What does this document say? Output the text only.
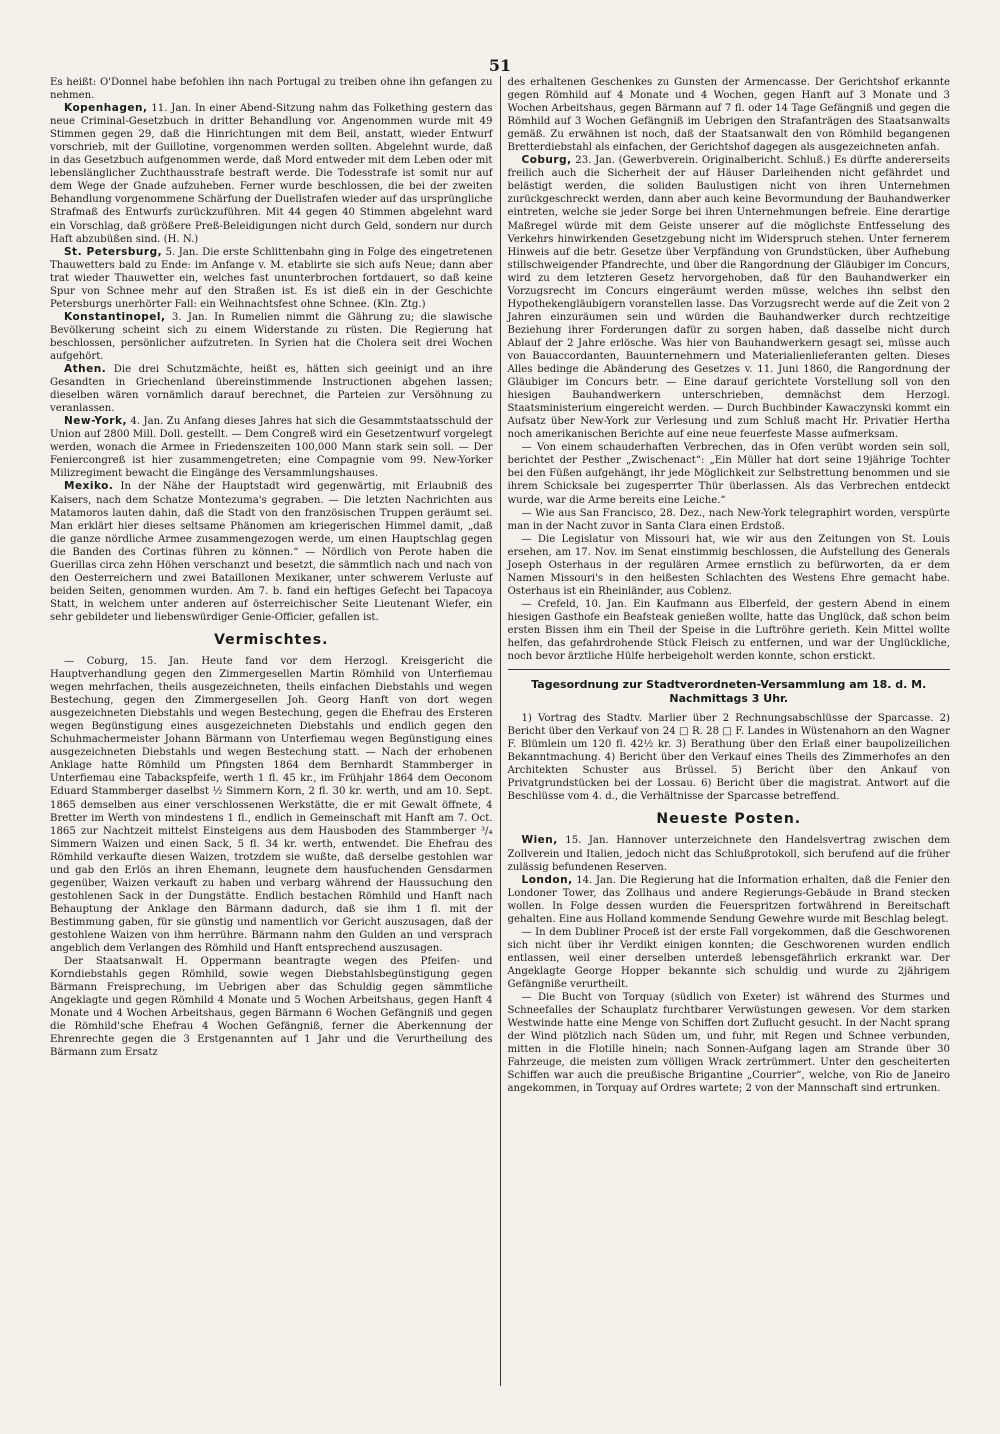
51

Es heißt: O'Donnel habe befohlen ihn nach Portugal zu treiben ohne ihn gefangen zu nehmen.

Kopenhagen, 11. Jan. In einer Abend-Sitzung nahm das Folkething gestern das neue Criminal-Gesetzbuch in dritter Behandlung vor. Angenommen wurde mit 49 Stimmen gegen 29, daß die Hinrichtungen mit dem Beil, anstatt, wieder Entwurf vorschrieb, mit der Guillotine, vorgenommen werden sollten. Abgelehnt wurde, daß in das Gesetzbuch aufgenommen werde, daß Mord entweder mit dem Leben oder mit lebenslänglicher Zuchthausstrafe bestraft werde. Die Todesstrafe ist somit nur auf dem Wege der Gnade aufzuheben. Ferner wurde beschlossen, die bei der zweiten Behandlung vorgenommene Schärfung der Duellstrafen wieder auf das ursprüngliche Strafmaß des Entwurfs zurückzuführen. Mit 44 gegen 40 Stimmen abgelehnt ward ein Vorschlag, daß größere Preß-Beleidigungen nicht durch Geld, sondern nur durch Haft abzubüßen sind. (H. N.)

St. Petersburg, 5. Jan. Die erste Schlittenbahn ging in Folge des eingetretenen Thauwetters bald zu Ende: im Anfange v. M. etablirte sie sich aufs Neue; dann aber trat wieder Thauwetter ein, welches fast ununterbrochen fortdauert, so daß keine Spur von Schnee mehr auf den Straßen ist. Es ist dieß ein in der Geschichte Petersburgs unerhörter Fall: ein Weihnachtsfest ohne Schnee. (Kln. Ztg.)

Konstantinopel, 3. Jan. In Rumelien nimmt die Gährung zu; die slawische Bevölkerung scheint sich zu einem Widerstande zu rüsten. Die Regierung hat beschlossen, persönlicher aufzutreten. In Syrien hat die Cholera seit drei Wochen aufgehört.

Athen. Die drei Schutzmächte, heißt es, hätten sich geeinigt und an ihre Gesandten in Griechenland übereinstimmende Instructionen abgehen lassen; dieselben wären vornämlich darauf berechnet, die Parteien zur Versöhnung zu veranlassen.

New-York, 4. Jan. Zu Anfang dieses Jahres hat sich die Gesammtstaatsschuld der Union auf 2800 Mill. Doll. gestellt. — Dem Congreß wird ein Gesetzentwurf vorgelegt werden, wonach die Armee in Friedenszeiten 100,000 Mann stark sein soll. — Der Feniercongreß ist hier zusammengetreten; eine Compagnie vom 99. New-Yorker Milizregiment bewacht die Eingänge des Versammlungshauses.

Mexiko. In der Nähe der Hauptstadt wird gegenwärtig, mit Erlaubniß des Kaisers, nach dem Schatze Montezuma's gegraben. — Die letzten Nachrichten aus Matamoros lauten dahin, daß die Stadt von den französischen Truppen geräumt sei. Man erklärt hier dieses seltsame Phänomen am kriegerischen Himmel damit, „daß die ganze nördliche Armee zusammengezogen werde, um einen Hauptschlag gegen die Banden des Cortinas führen zu können.“ — Nördlich von Perote haben die Guerillas circa zehn Höhen verschanzt und besetzt, die sämmtlich nach und nach von den Oesterreichern und zwei Bataillonen Mexikaner, unter schwerem Verluste auf beiden Seiten, genommen wurden. Am 7. b. fand ein heftiges Gefecht bei Tapacoya Statt, in welchem unter anderen auf österreichischer Seite Lieutenant Wiefer, ein sehr gebildeter und liebenswürdiger Genie-Officier, gefallen ist.

Vermischtes.

— Coburg, 15. Jan. Heute fand vor dem Herzogl. Kreisgericht die Hauptverhandlung gegen den Zimmergesellen Martin Römhild von Unterfiemau wegen mehrfachen, theils ausgezeichneten, theils einfachen Diebstahls und wegen Bestechung, gegen den Zimmergesellen Joh. Georg Hanft von dort wegen ausgezeichneten Diebstahls und wegen Bestechung, gegen die Ehefrau des Ersteren wegen Begünstigung eines ausgezeichneten Diebstahls und endlich gegen den Schuhmachermeister Johann Bärmann von Unterfiemau wegen Begünstigung eines ausgezeichneten Diebstahls und wegen Bestechung statt. — Nach der erhobenen Anklage hatte Römhild um Pfingsten 1864 dem Bernhardt Stammberger in Unterfiemau eine Tabackspfeife, werth 1 fl. 45 kr., im Frühjahr 1864 dem Oeconom Eduard Stammberger daselbst ½ Simmern Korn, 2 fl. 30 kr. werth, und am 10. Sept. 1865 demselben aus einer verschlossenen Werkstätte, die er mit Gewalt öffnete, 4 Bretter im Werth von mindestens 1 fl., endlich in Gemeinschaft mit Hanft am 7. Oct. 1865 zur Nachtzeit mittelst Einsteigens aus dem Hausboden des Stammberger ³/₄ Simmern Waizen und einen Sack, 5 fl. 34 kr. werth, entwendet. Die Ehefrau des Römhild verkaufte diesen Waizen, trotzdem sie wußte, daß derselbe gestohlen war und gab den Erlös an ihren Ehemann, leugnete dem hausfuchenden Gensdarmen gegenüber, Waizen verkauft zu haben und verbarg während der Haussuchung den gestohlenen Sack in der Dungstätte. Endlich bestachen Römhild und Hanft nach Behauptung der Anklage den Bärmann dadurch, daß sie ihm 1 fl. mit der Bestimmung gaben, für sie günstig und namentlich vor Gericht auszusagen, daß der gestohlene Waizen von ihm herrühre. Bärmann nahm den Gulden an und versprach angeblich dem Verlangen des Römhild und Hanft entsprechend auszusagen.

Der Staatsanwalt H. Oppermann beantragte wegen des Pfeifen- und Korndiebstahls gegen Römhild, sowie wegen Diebstahlsbegünstigung gegen Bärmann Freisprechung, im Uebrigen aber das Schuldig gegen sämmtliche Angeklagte und gegen Römhild 4 Monate und 5 Wochen Arbeitshaus, gegen Hanft 4 Monate und 4 Wochen Arbeitshaus, gegen Bärmann 6 Wochen Gefängniß und gegen die Römhild'sche Ehefrau 4 Wochen Gefängniß, ferner die Aberkennung der Ehrenrechte gegen die 3 Erstgenannten auf 1 Jahr und die Verurtheilung des Bärmann zum Ersatz

des erhaltenen Geschenkes zu Gunsten der Armencasse. Der Gerichtshof erkannte gegen Römhild auf 4 Monate und 4 Wochen, gegen Hanft auf 3 Monate und 3 Wochen Arbeitshaus, gegen Bärmann auf 7 fl. oder 14 Tage Gefängniß und gegen die Römhild auf 3 Wochen Gefängniß im Uebrigen den Strafanträgen des Staatsanwalts gemäß. Zu erwähnen ist noch, daß der Staatsanwalt den von Römhild begangenen Bretterdiebstahl als einfachen, der Gerichtshof dagegen als ausgezeichneten anfah.

Coburg, 23. Jan. (Gewerbverein. Originalbericht. Schluß.) Es dürfte andererseits freilich auch die Sicherheit der auf Häuser Darleihenden nicht gefährdet und belästigt werden, die soliden Baulustigen nicht von ihren Unternehmen zurückgeschreckt werden, dann aber auch keine Bevormundung der Bauhandwerker eintreten, welche sie jeder Sorge bei ihren Unternehmungen befreie. Eine derartige Maßregel würde mit dem Geiste unserer auf die möglichste Entfesselung des Verkehrs hinwirkenden Gesetzgebung nicht im Widerspruch stehen. Unter fernerem Hinweis auf die betr. Gesetze über Verpfändung von Grundstücken, über Aufhebung stillschweigender Pfandrechte, und über die Rangordnung der Gläubiger im Concurs, wird zu dem letzteren Gesetz hervorgehoben, daß für den Bauhandwerker ein Vorzugsrecht im Concurs eingeräumt werden müsse, welches ihn selbst den Hypothekengläubigern voranstellen lasse. Das Vorzugsrecht werde auf die Zeit von 2 Jahren einzuräumen sein und würden die Bauhandwerker durch rechtzeitige Beziehung ihrer Forderungen dafür zu sorgen haben, daß dasselbe nicht durch Ablauf der 2 Jahre erlösche. Was hier von Bauhandwerkern gesagt sei, müsse auch von Bauaccordanten, Bauunternehmern und Materialienlieferanten gelten. Dieses Alles bedinge die Abänderung des Gesetzes v. 11. Juni 1860, die Rangordnung der Gläubiger im Concurs betr. — Eine darauf gerichtete Vorstellung soll von den hiesigen Bauhandwerkern unterschrieben, demnächst dem Herzogl. Staatsministerium eingereicht werden. — Durch Buchbinder Kawaczynski kommt ein Aufsatz über New-York zur Verlesung und zum Schluß macht Hr. Privatier Hertha noch amerikanischen Berichte auf eine neue feuerfeste Masse aufmerksam.

— Von einem schauderhaften Verbrechen, das in Ofen verübt worden sein soll, berichtet der Pesther „Zwischenact“: „Ein Müller hat dort seine 19jährige Tochter bei den Füßen aufgehängt, ihr jede Möglichkeit zur Selbstrettung benommen und sie ihrem Schicksale bei zugesperrter Thür überlassen. Als das Verbrechen entdeckt wurde, war die Arme bereits eine Leiche.“

— Wie aus San Francisco, 28. Dez., nach New-York telegraphirt worden, verspürte man in der Nacht zuvor in Santa Clara einen Erdstoß.

— Die Legislatur von Missouri hat, wie wir aus den Zeitungen von St. Louis ersehen, am 17. Nov. im Senat einstimmig beschlossen, die Aufstellung des Generals Joseph Osterhaus in der regulären Armee ernstlich zu befürworten, da er dem Namen Missouri's in den heißesten Schlachten des Westens Ehre gemacht habe. Osterhaus ist ein Rheinländer, aus Coblenz.

— Crefeld, 10. Jan. Ein Kaufmann aus Elberfeld, der gestern Abend in einem hiesigen Gasthofe ein Beafsteak genießen wollte, hatte das Unglück, daß schon beim ersten Bissen ihm ein Theil der Speise in die Luftröhre gerieth. Kein Mittel wollte helfen, das gefahrdrohende Stück Fleisch zu entfernen, und war der Unglückliche, noch bevor ärztliche Hülfe herbeigeholt werden konnte, schon erstickt.

Tagesordnung zur Stadtverordneten-Versammlung am 18. d. M. Nachmittags 3 Uhr.

1) Vortrag des Stadtv. Marlier über 2 Rechnungsabschlüsse der Sparcasse. 2) Bericht über den Verkauf von 24 □ R. 28 □ F. Landes in Wüstenahorn an den Wagner F. Blümlein um 120 fl. 42½ kr. 3) Berathung über den Erlaß einer baupolizeilichen Bekanntmachung. 4) Bericht über den Verkauf eines Theils des Zimmerhofes an den Architekten Schuster aus Brüssel. 5) Bericht über den Ankauf von Privatgrundstücken bei der Lossau. 6) Bericht über die magistrat. Antwort auf die Beschlüsse vom 4. d., die Verhältnisse der Sparcasse betreffend.

Neueste Posten.

Wien, 15. Jan. Hannover unterzeichnete den Handelsvertrag zwischen dem Zollverein und Italien, jedoch nicht das Schlußprotokoll, sich berufend auf die früher zulässig befundenen Reserven.

London, 14. Jan. Die Regierung hat die Information erhalten, daß die Fenier den Londoner Tower, das Zollhaus und andere Regierungs-Gebäude in Brand stecken wollen. In Folge dessen wurden die Feuerspritzen fortwährend in Bereitschaft gehalten. Eine aus Holland kommende Sendung Gewehre wurde mit Beschlag belegt.

— In dem Dubliner Proceß ist der erste Fall vorgekommen, daß die Geschworenen sich nicht über ihr Verdikt einigen konnten; die Geschworenen wurden endlich entlassen, weil einer derselben unterdeß lebensgefährlich erkrankt war. Der Angeklagte George Hopper bekannte sich schuldig und wurde zu 2jährigem Gefängniße verurtheilt.

— Die Bucht von Torquay (südlich von Exeter) ist während des Sturmes und Schneefalles der Schauplatz furchtbarer Verwüstungen gewesen. Vor dem starken Westwinde hatte eine Menge von Schiffen dort Zuflucht gesucht. In der Nacht sprang der Wind plötzlich nach Süden um, und fuhr, mit Regen und Schnee verbunden, mitten in die Flotille hinein; nach Sonnen-Aufgang lagen am Strande über 30 Fahrzeuge, die meisten zum völligen Wrack zertrümmert. Unter den gescheiterten Schiffen war auch die preußische Brigantine „Courrier“, welche, von Rio de Janeiro angekommen, in Torquay auf Ordres wartete; 2 von der Mannschaft sind ertrunken.
